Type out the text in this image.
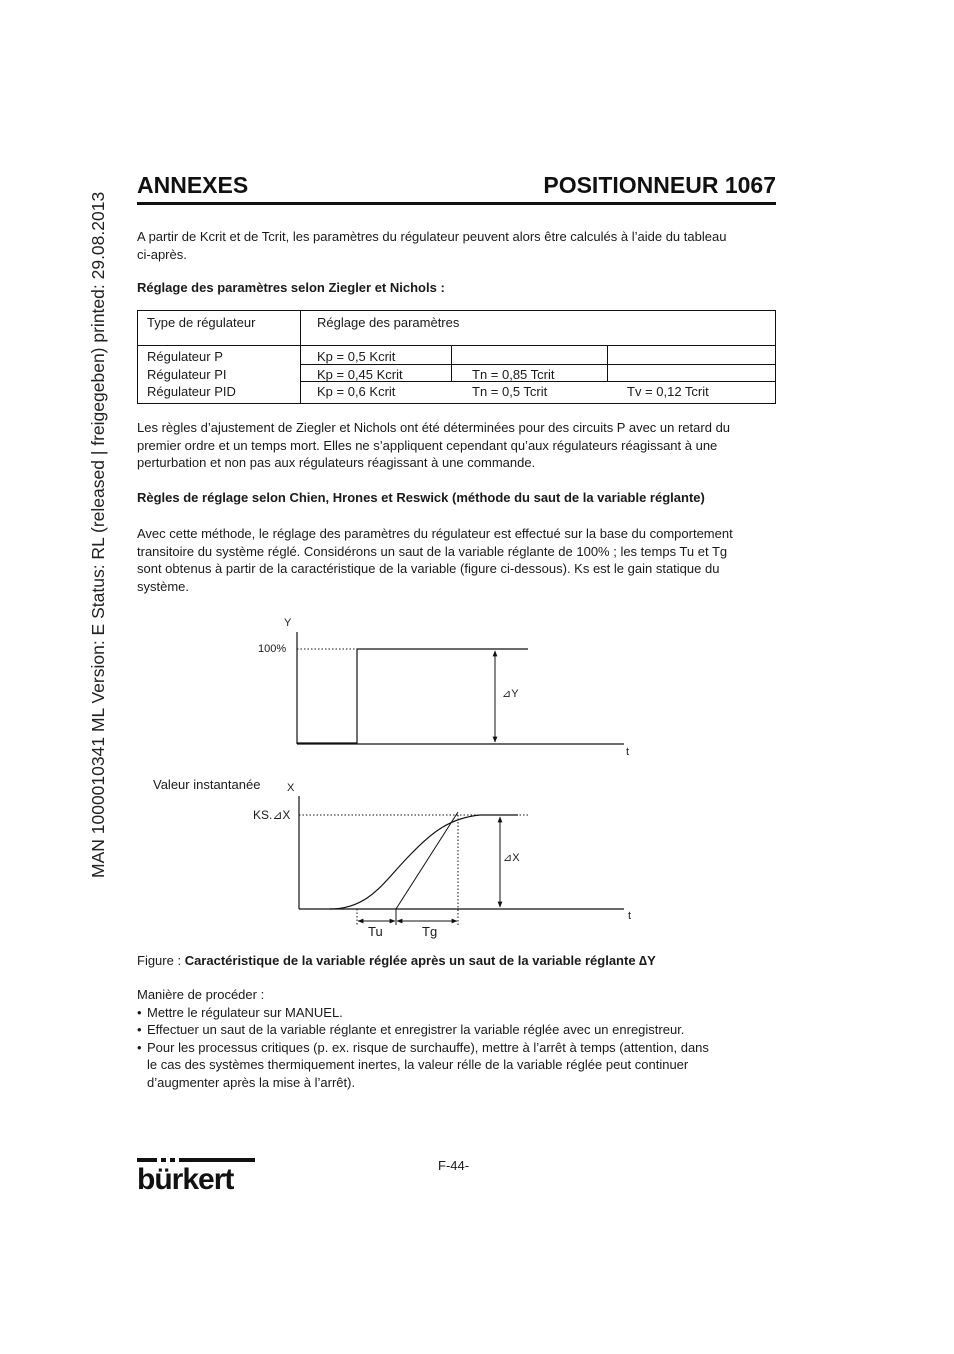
MAN 1000010341 ML Version: E Status: RL (released | freigegeben) printed: 29.08.2013
ANNEXES	POSITIONNEUR 1067
A partir de Kcrit et de Tcrit, les paramètres du régulateur peuvent alors être calculés à l’aide du tableau
ci-après.
Réglage des paramètres selon Ziegler et Nichols :
Type de régulateur	Réglage des paramètres
Régulateur P	Kp = 0,5 Kcrit
Régulateur PI	Kp = 0,45 Kcrit	Tn = 0,85 Tcrit
Régulateur PID	Kp = 0,6 Kcrit	Tn = 0,5 Tcrit	Tv = 0,12 Tcrit
Les règles d’ajustement de Ziegler et Nichols ont été déterminées pour des circuits P avec un retard du
premier ordre et un temps mort. Elles ne s’appliquent cependant qu’aux régulateurs réagissant à une
perturbation et non pas aux régulateurs réagissant à une commande.
Règles de réglage selon Chien, Hrones et Reswick (méthode du saut de la variable réglante)
Avec cette méthode, le réglage des paramètres du régulateur est effectué sur la base du comportement
transitoire du système réglé. Considérons un saut de la variable réglante de 100% ; les temps Tu et Tg
sont obtenus à partir de la caractéristique de la variable (figure ci-dessous). Ks est le gain statique du
système.
Y
100%
⊿Y
t
Valeur instantanée X
KS.⊿X
⊿X
t
Tu	Tg
Figure : Caractéristique de la variable réglée après un saut de la variable réglante ∆Y
Manière de procéder :
• Mettre le régulateur sur MANUEL.
• Effectuer un saut de la variable réglante et enregistrer la variable réglée avec un enregistreur.
• Pour les processus critiques (p. ex. risque de surchauffe), mettre à l’arrêt à temps (attention, dans
le cas des systèmes thermiquement inertes, la valeur rélle de la variable réglée peut continuer
d’augmenter après la mise à l’arrêt).
bürkert	F-44-
